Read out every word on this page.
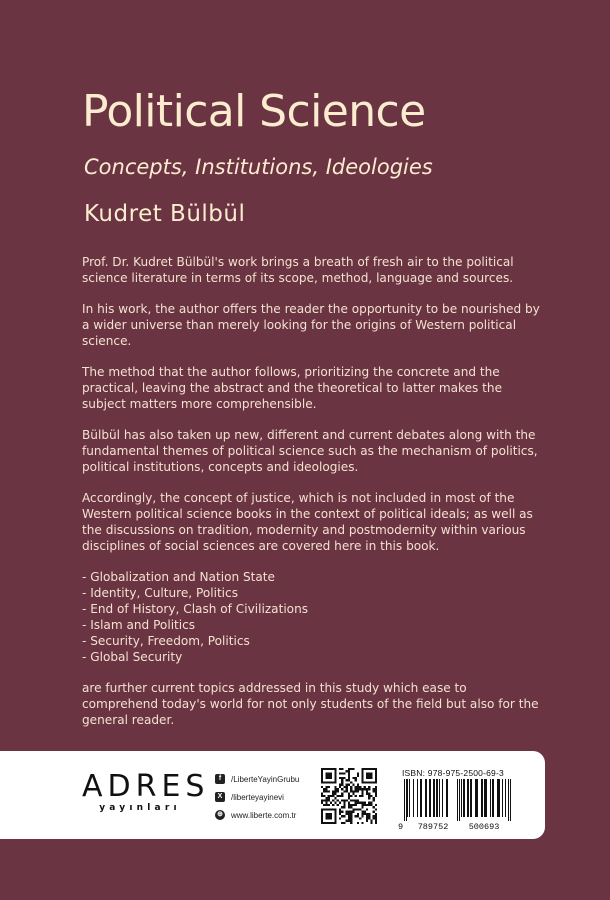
Political Science
Concepts, Institutions, Ideologies
Kudret Bülbül

Prof. Dr. Kudret Bülbül's work brings a breath of fresh air to the political science literature in terms of its scope, method, language and sources.

In his work, the author offers the reader the opportunity to be nourished by a wider universe than merely looking for the origins of Western political science.

The method that the author follows, prioritizing the concrete and the practical, leaving the abstract and the theoretical to latter makes the subject matters more comprehensible.

Bülbül has also taken up new, different and current debates along with the fundamental themes of political science such as the mechanism of politics, political institutions, concepts and ideologies.

Accordingly, the concept of justice, which is not included in most of the Western political science books in the context of political ideals; as well as the discussions on tradition, modernity and postmodernity within various disciplines of social sciences are covered here in this book.

- Globalization and Nation State
- Identity, Culture, Politics
- End of History, Clash of Civilizations
- Islam and Politics
- Security, Freedom, Politics
- Global Security

are further current topics addressed in this study which ease to comprehend today's world for not only students of the field but also for the general reader.

ADRES
yayınları
f	/LiberteYayinGrubu
X	/liberteyayinevi
⊕ www.liberte.com.tr
ISBN: 978-975-2500-69-3
9	789752	500693
